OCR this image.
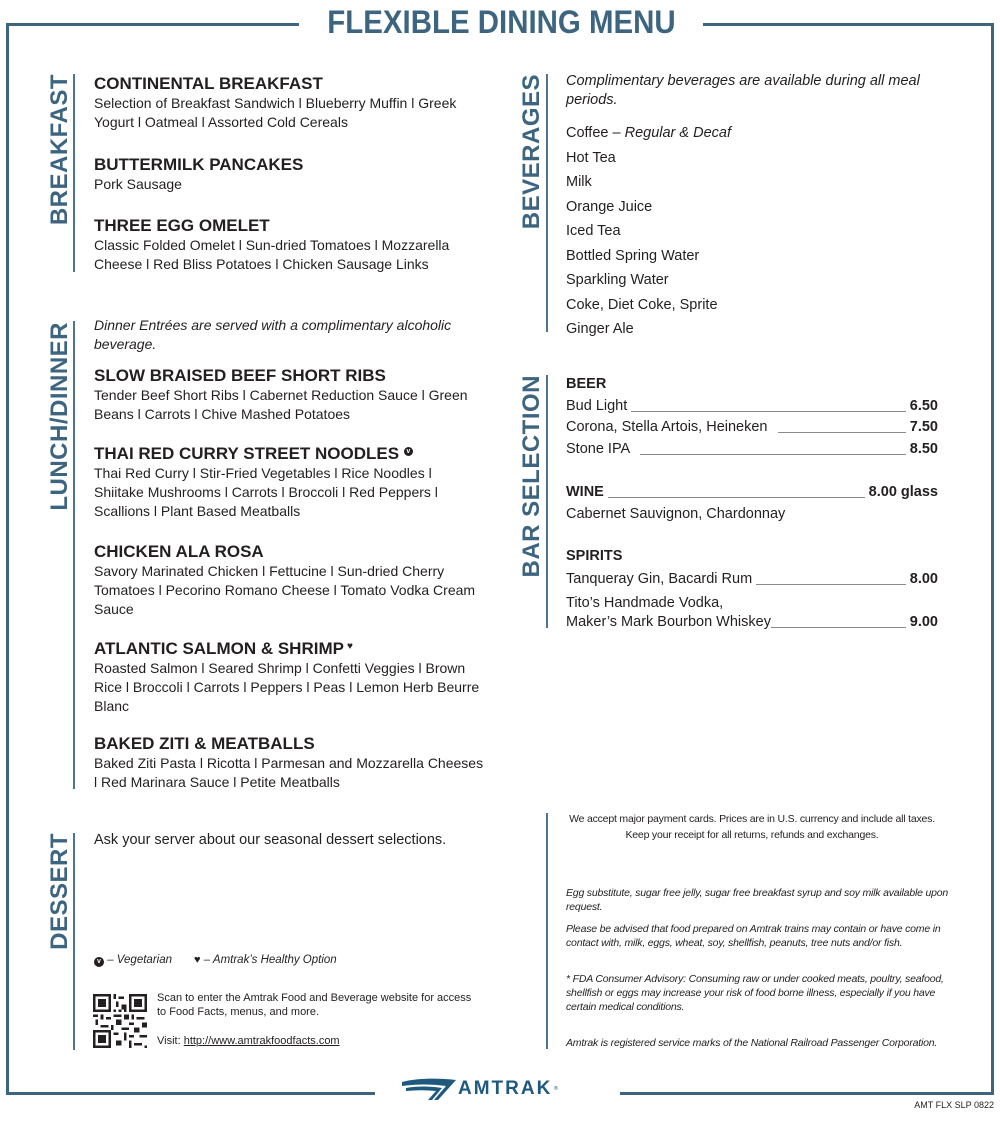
FLEXIBLE DINING MENU
BREAKFAST CONTINENTAL BREAKFAST
Selection of Breakfast Sandwich l Blueberry Muffin l Greek Yogurt l Oatmeal l Assorted Cold Cereals
BUTTERMILK PANCAKES
Pork Sausage
THREE EGG OMELET
Classic Folded Omelet l Sun-dried Tomatoes l Mozzarella Cheese l Red Bliss Potatoes l Chicken Sausage Links
LUNCH/DINNER Dinner Entrées are served with a complimentary alcoholic beverage.
SLOW BRAISED BEEF SHORT RIBS
Tender Beef Short Ribs l Cabernet Reduction Sauce l Green Beans l Carrots l Chive Mashed Potatoes
THAI RED CURRY STREET NOODLES v
Thai Red Curry l Stir-Fried Vegetables l Rice Noodles l Shiitake Mushrooms l Carrots l Broccoli l Red Peppers l Scallions l Plant Based Meatballs
CHICKEN ALA ROSA
Savory Marinated Chicken l Fettucine l Sun-dried Cherry Tomatoes l Pecorino Romano Cheese l Tomato Vodka Cream Sauce
ATLANTIC SALMON & SHRIMP ♥
Roasted Salmon l Seared Shrimp l Confetti Veggies l Brown Rice l Broccoli l Carrots l Peppers l Peas l Lemon Herb Beurre Blanc
BAKED ZITI & MEATBALLS
Baked Ziti Pasta l Ricotta l Parmesan and Mozzarella Cheeses l Red Marinara Sauce l Petite Meatballs
DESSERT Ask your server about our seasonal dessert selections.
v – Vegetarian ♥ – Amtrak’s Healthy Option
Scan to enter the Amtrak Food and Beverage website for access to Food Facts, menus, and more.
Visit: http://www.amtrakfoodfacts.com
BEVERAGES Complimentary beverages are available during all meal periods.
Coffee – Regular & Decaf
Hot Tea
Milk
Orange Juice
Iced Tea
Bottled Spring Water
Sparkling Water
Coke, Diet Coke, Sprite
Ginger Ale
BAR SELECTION BEER
Bud Light	6.50
Corona, Stella Artois, Heineken	7.50
Stone IPA	8.50
WINE	8.00 glass
Cabernet Sauvignon, Chardonnay
SPIRITS
Tanqueray Gin, Bacardi Rum	8.00
Tito’s Handmade Vodka,
Maker’s Mark Bourbon Whiskey	9.00
We accept major payment cards. Prices are in U.S. currency and include all taxes.
Keep your receipt for all returns, refunds and exchanges.
Egg substitute, sugar free jelly, sugar free breakfast syrup and soy milk available upon request.
Please be advised that food prepared on Amtrak trains may contain or have come in contact with, milk, eggs, wheat, soy, shellfish, peanuts, tree nuts and/or fish.
* FDA Consumer Advisory: Consuming raw or under cooked meats, poultry, seafood, shellfish or eggs may increase your risk of food borne illness, especially if you have certain medical conditions.
Amtrak is registered service marks of the National Railroad Passenger Corporation.
AMTRAK ®
AMT FLX SLP 0822
